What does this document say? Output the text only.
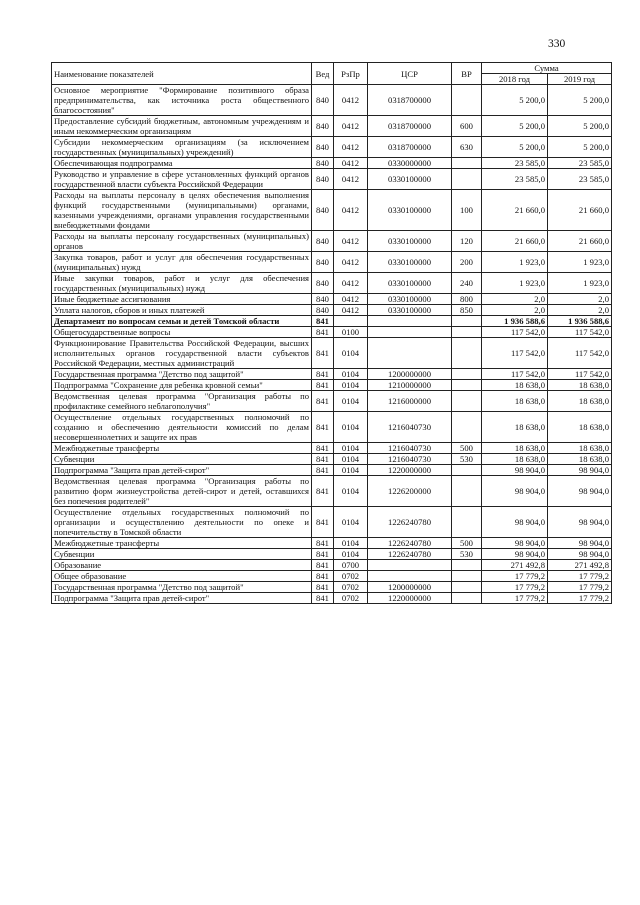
330
Наименование показателей	Вед	РзПр	ЦСР	ВР	Сумма	
					2018 год	2019 год
Основное мероприятие "Формирование позитивного образа предпринимательства, как источника роста общественного благосостояния"	840	0412	0318700000		5 200,0	5 200,0
Предоставление субсидий бюджетным, автономным учреждениям и иным некоммерческим организациям	840	0412	0318700000	600	5 200,0	5 200,0
Субсидии некоммерческим организациям (за исключением государственных (муниципальных) учреждений)	840	0412	0318700000	630	5 200,0	5 200,0
Обеспечивающая подпрограмма	840	0412	0330000000		23 585,0	23 585,0
Руководство и управление в сфере установленных функций органов государственной власти субъекта Российской Федерации	840	0412	0330100000		23 585,0	23 585,0
Расходы на выплаты персоналу в целях обеспечения выполнения функций государственными (муниципальными) органами, казенными учреждениями, органами управления государственными внебюджетными фондами	840	0412	0330100000	100	21 660,0	21 660,0
Расходы на выплаты персоналу государственных (муниципальных) органов	840	0412	0330100000	120	21 660,0	21 660,0
Закупка товаров, работ и услуг для обеспечения государственных (муниципальных) нужд	840	0412	0330100000	200	1 923,0	1 923,0
Иные закупки товаров, работ и услуг для обеспечения государственных (муниципальных) нужд	840	0412	0330100000	240	1 923,0	1 923,0
Иные бюджетные ассигнования	840	0412	0330100000	800	2,0	2,0
Уплата налогов, сборов и иных платежей	840	0412	0330100000	850	2,0	2,0
Департамент по вопросам семьи и детей Томской области	841				1 936 588,6	1 936 588,6
Общегосударственные вопросы	841	0100			117 542,0	117 542,0
Функционирование Правительства Российской Федерации, высших исполнительных органов государственной власти субъектов Российской Федерации, местных администраций	841	0104			117 542,0	117 542,0
Государственная программа "Детство под защитой"	841	0104	1200000000		117 542,0	117 542,0
Подпрограмма "Сохранение для ребенка кровной семьи"	841	0104	1210000000		18 638,0	18 638,0
Ведомственная целевая программа "Организация работы по профилактике семейного неблагополучия"	841	0104	1216000000		18 638,0	18 638,0
Осуществление отдельных государственных полномочий по созданию и обеспечению деятельности комиссий по делам несовершеннолетних и защите их прав	841	0104	1216040730		18 638,0	18 638,0
Межбюджетные трансферты	841	0104	1216040730	500	18 638,0	18 638,0
Субвенции	841	0104	1216040730	530	18 638,0	18 638,0
Подпрограмма "Защита прав детей-сирот"	841	0104	1220000000		98 904,0	98 904,0
Ведомственная целевая программа "Организация работы по развитию форм жизнеустройства детей-сирот и детей, оставшихся без попечения родителей"	841	0104	1226200000		98 904,0	98 904,0
Осуществление отдельных государственных полномочий по организации и осуществлению деятельности по опеке и попечительству в Томской области	841	0104	1226240780		98 904,0	98 904,0
Межбюджетные трансферты	841	0104	1226240780	500	98 904,0	98 904,0
Субвенции	841	0104	1226240780	530	98 904,0	98 904,0
Образование	841	0700			271 492,8	271 492,8
Общее образование	841	0702			17 779,2	17 779,2
Государственная программа "Детство под защитой"	841	0702	1200000000		17 779,2	17 779,2
Подпрограмма "Защита прав детей-сирот"	841	0702	1220000000		17 779,2	17 779,2
